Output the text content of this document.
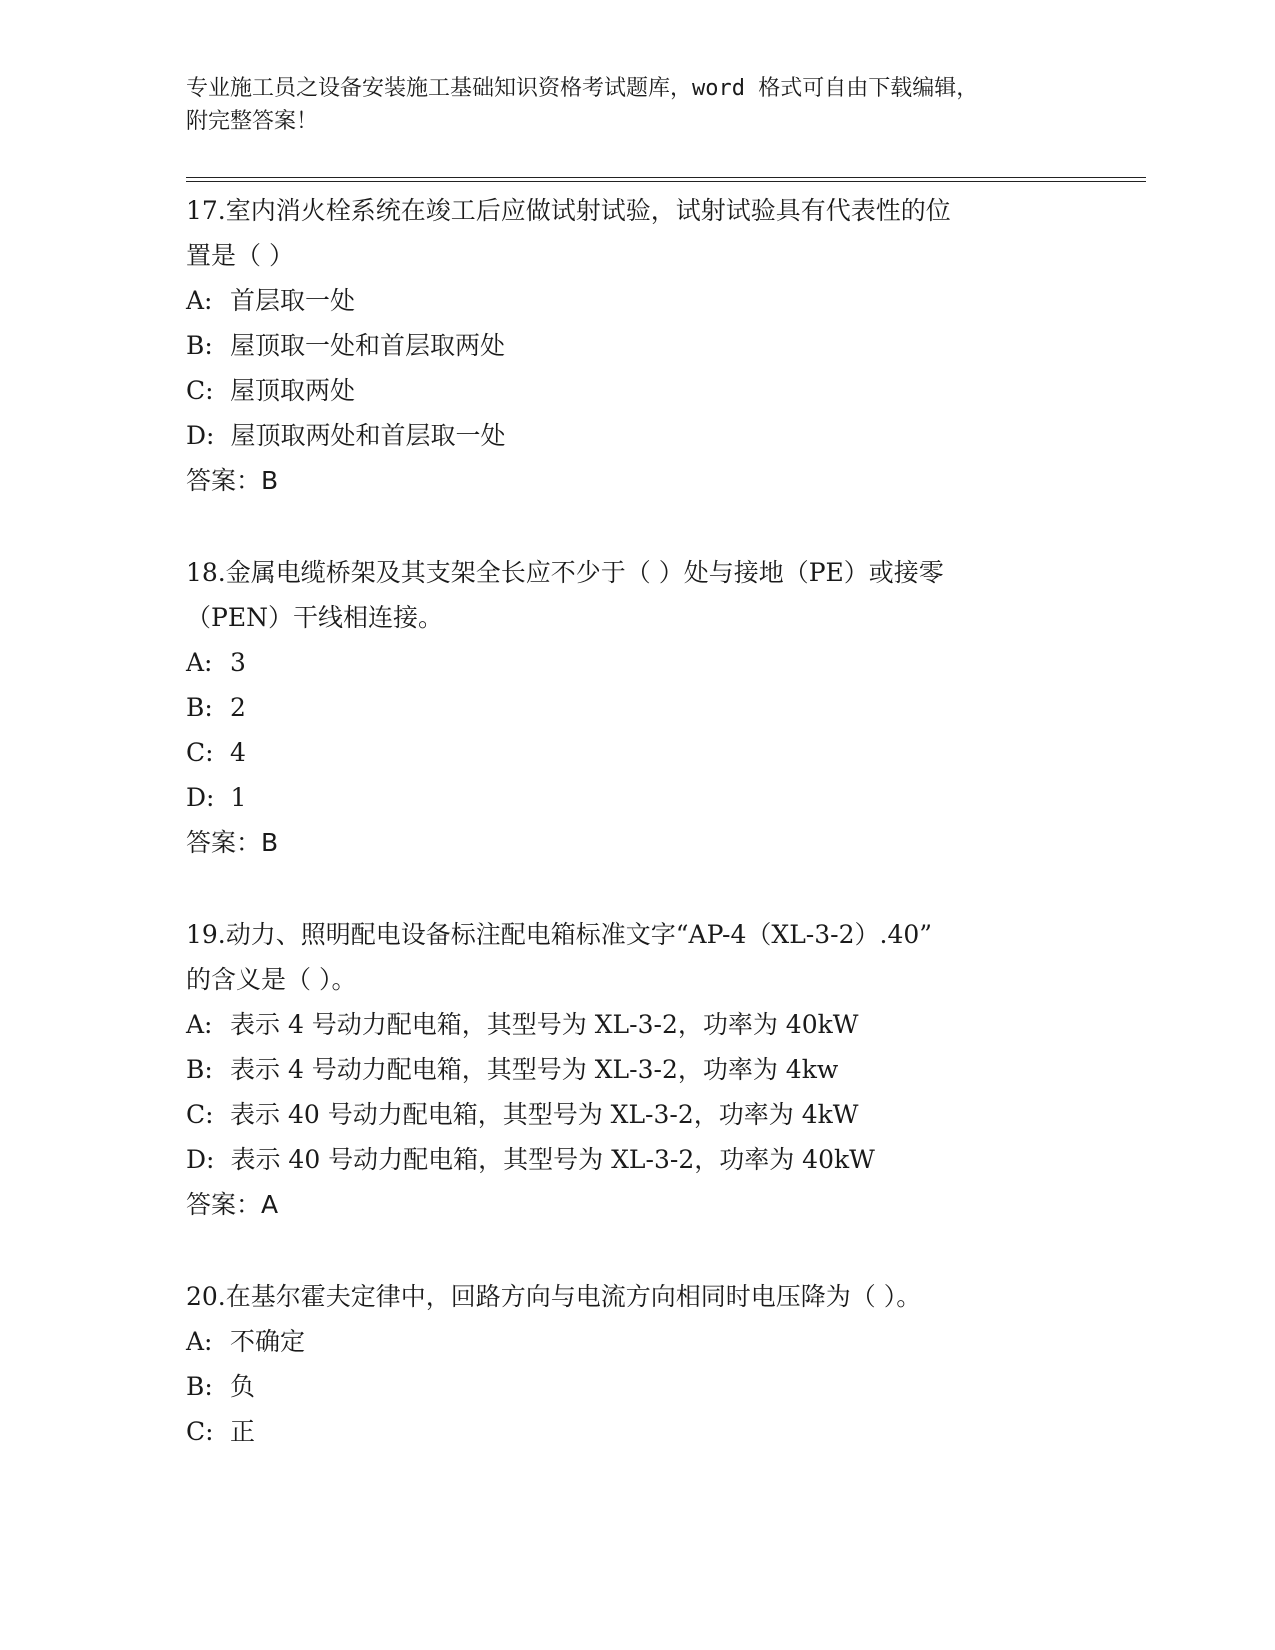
专业施工员之设备安装施工基础知识资格考试题库，word 格式可自由下载编辑，
附完整答案！

17.室内消火栓系统在竣工后应做试射试验，试射试验具有代表性的位
置是（ ）

A: 首层取一处

B: 屋顶取一处和首层取两处

C: 屋顶取两处

D: 屋顶取两处和首层取一处

答案：B

18.金属电缆桥架及其支架全长应不少于（ ）处与接地（PE）或接零
（PEN）干线相连接。

A: 3

B: 2

C: 4

D: 1

答案：B

19.动力、照明配电设备标注配电箱标准文字“AP-4（XL-3-2）.40”
的含义是（ ）。

A: 表示 4 号动力配电箱，其型号为 XL-3-2，功率为 40kW

B: 表示 4 号动力配电箱，其型号为 XL-3-2，功率为 4kw

C: 表示 40 号动力配电箱，其型号为 XL-3-2，功率为 4kW

D: 表示 40 号动力配电箱，其型号为 XL-3-2，功率为 40kW

答案：A

20.在基尔霍夫定律中，回路方向与电流方向相同时电压降为（ ）。

A: 不确定

B: 负

C: 正
